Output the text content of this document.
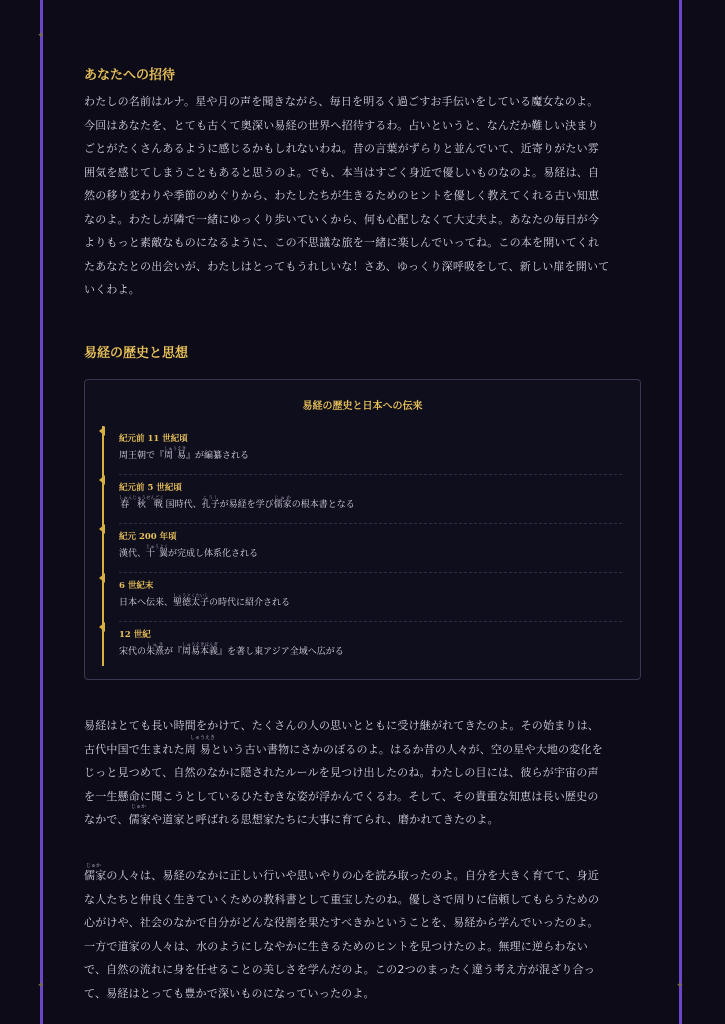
✦
✦	✦
あなたへの招待

わたしの名前はルナ。星や月の声を聞きながら、毎日を明るく過ごすお手伝いをしている魔女なのよ。

今回はあなたを、とても古くて奥深い易経の世界へ招待するわ。占いというと、なんだか難しい決まり

ごとがたくさんあるように感じるかもしれないわね。昔の言葉がずらりと並んでいて、近寄りがたい雰

囲気を感じてしまうこともあると思うのよ。でも、本当はすごく身近で優しいものなのよ。易経は、自

然の移り変わりや季節のめぐりから、わたしたちが生きるためのヒントを優しく教えてくれる古い知恵

なのよ。わたしが隣で一緒にゆっくり歩いていくから、何も心配しなくて大丈夫よ。あなたの毎日が今

よりもっと素敵なものになるように、この不思議な旅を一緒に楽しんでいってね。この本を開いてくれ

たあなたとの出会いが、わたしはとってもうれしいな！さあ、ゆっくり深呼吸をして、新しい扉を開いて

いくわよ。

易経の歴史と思想
易経の歴史と日本への伝来
紀元前 11 世紀頃
周王朝で『周 易しゅうえき』が編纂される
紀元前 5 世紀頃
春 秋 戦しゅんじゅうせんごく 国時代、孔子こうしが易経を学び儒家じゅかの根本書となる
紀元 200 年頃
漢代、十 翼じゅうよくが完成し体系化される
6 世紀末
日本へ伝来、聖徳太子しょうとくたいしの時代に紹介される
12 世紀
宋代の朱熹しゅきが『周易本義しゅうえきほんぎ』を著し東アジア全域へ広がる

易経はとても長い時間をかけて、たくさんの人の思いとともに受け継がれてきたのよ。その始まりは、

古代中国で生まれた周 易という古い書物にさかのぼるのよ。はるか昔の人々が、空の星や大地の変化を

じっと見つめて、自然のなかに隠されたルールを見つけ出したのね。わたしの目には、彼らが宇宙の声

を一生懸命に聞こうとしているひたむきな姿が浮かんでくるわ。そして、その貴重な知恵は長い歴史の

なかで、儒家や道家と呼ばれる思想家たちに大事に育てられ、磨かれてきたのよ。

儒家の人々は、易経のなかに正しい行いや思いやりの心を読み取ったのよ。自分を大きく育てて、身近

な人たちと仲良く生きていくための教科書として重宝したのね。優しさで周りに信頼してもらうための

心がけや、社会のなかで自分がどんな役割を果たすべきかということを、易経から学んでいったのよ。

一方で道家の人々は、水のようにしなやかに生きるためのヒントを見つけたのよ。無理に逆らわない

で、自然の流れに身を任せることの美しさを学んだのよ。この2つのまったく違う考え方が混ざり合っ

て、易経はとっても豊かで深いものになっていったのよ。

しゅうえき
じゅか
じゅか
